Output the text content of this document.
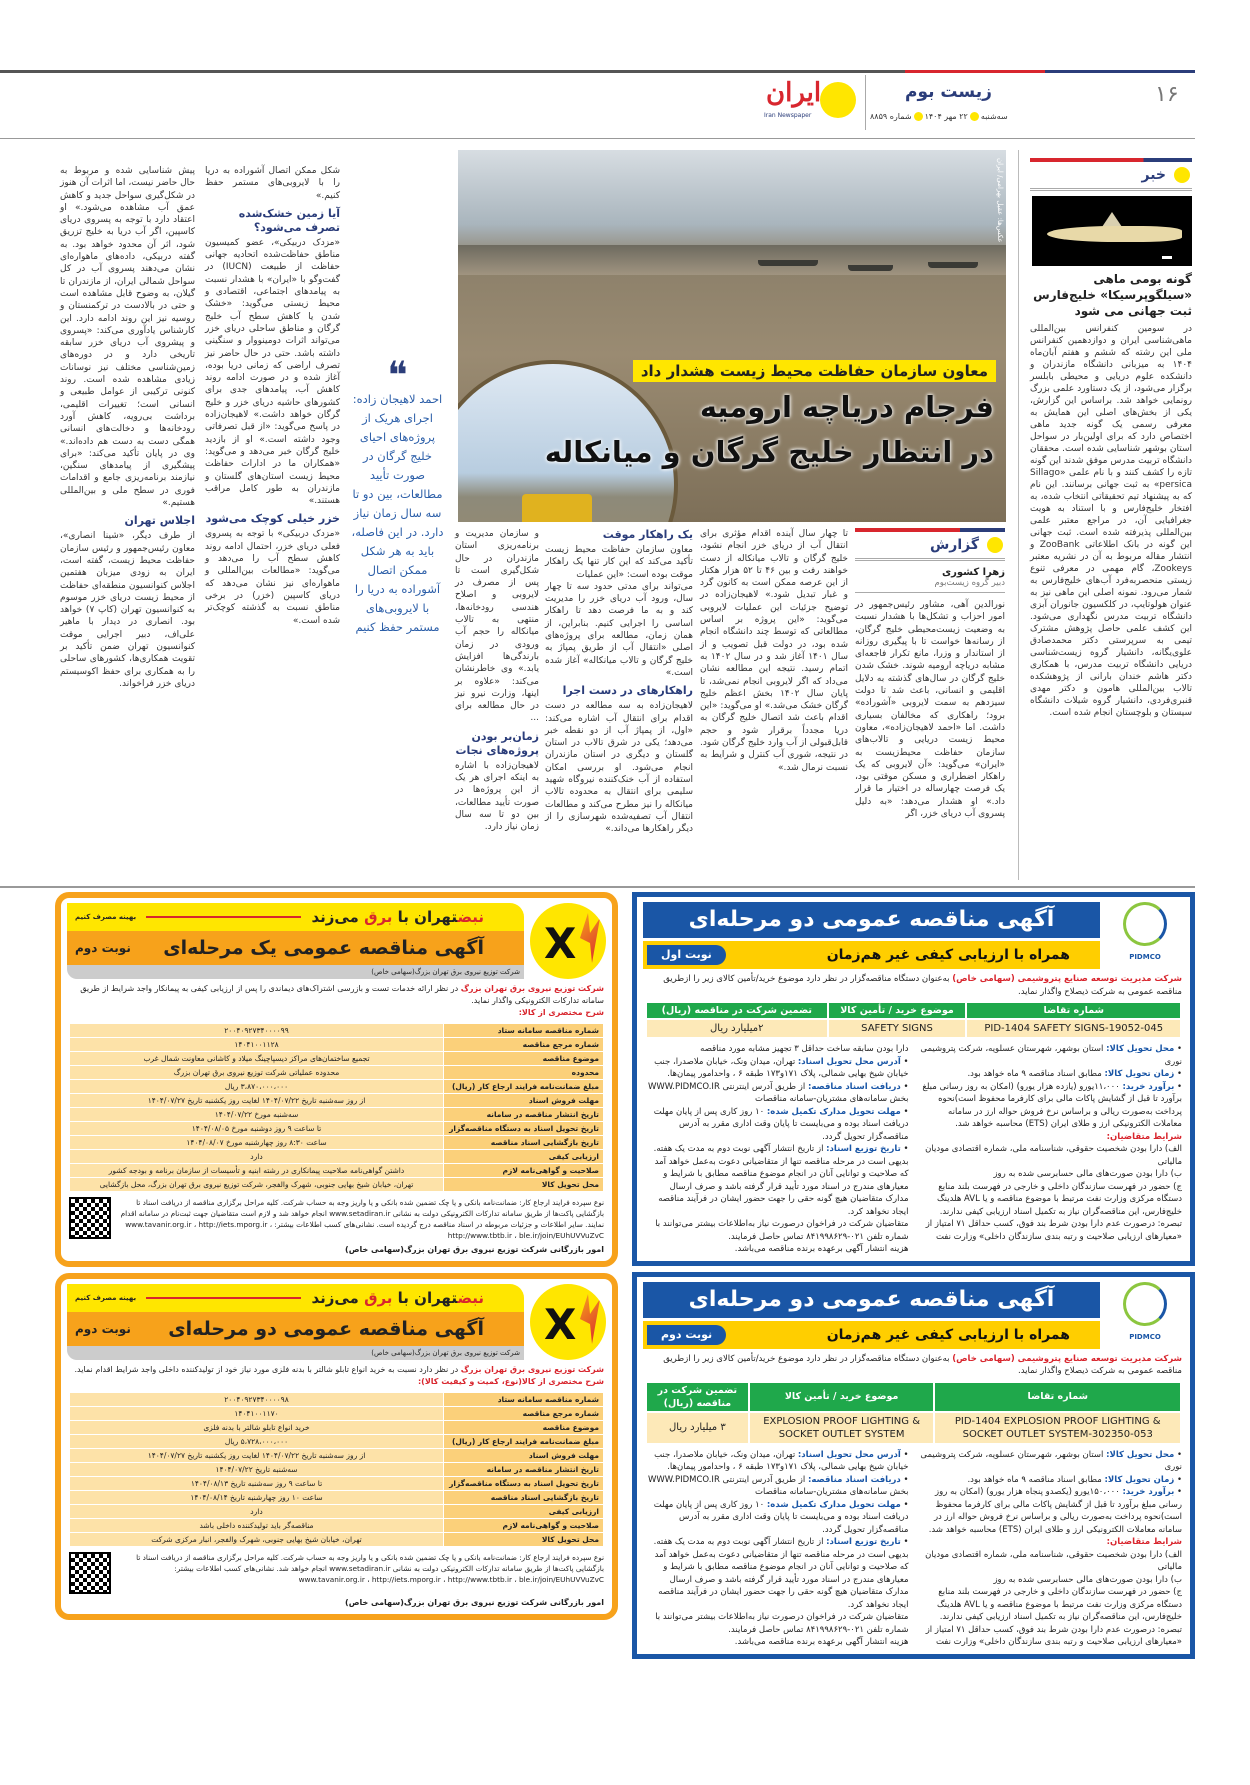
۱۶
زیست بوم
سه‌شنبه۲۲ مهر ۱۴۰۴شماره ۸۸۵۹
ایران
Iran Newspaper
خبر
گونه بومی ماهی «سیلگوپرسیکا» خلیج‌فارس ثبت جهانی می شود
در سومین کنفرانس بین‌المللی ماهی‌شناسی ایران و دوازدهمین کنفرانس ملی این رشته که ششم و هفتم آبان‌ماه ۱۴۰۴ به میزبانی دانشگاه مازندران و دانشکده علوم دریایی و محیطی بابلسر برگزار می‌شود، از یک دستاورد علمی بزرگ رونمایی خواهد شد. براساس این گزارش، یکی از بخش‌های اصلی این همایش به معرفی رسمی یک گونه جدید ماهی اختصاص دارد که برای اولین‌بار در سواحل استان بوشهر شناسایی شده است. محققان دانشگاه تربیت مدرس موفق شدند این گونه تازه را کشف کنند و با نام علمی «Sillago persica» به ثبت جهانی برسانند. این نام که به پیشنهاد تیم تحقیقاتی انتخاب شده، به افتخار خلیج‌فارس و با استناد به هویت جغرافیایی آن، در مراجع معتبر علمی بین‌المللی پذیرفته شده است. ثبت جهانی این گونه در بانک اطلاعاتی ZooBank و انتشار مقاله مربوط به آن در نشریه معتبر Zookeys، گام مهمی در معرفی تنوع زیستی منحصربه‌فرد آب‌های خلیج‌فارس به شمار می‌رود. نمونه اصلی این ماهی نیز به عنوان هولوتایپ، در کلکسیون جانوران آبزی دانشگاه تربیت مدرس نگهداری می‌شود. این کشف علمی حاصل پژوهش مشترک تیمی به سرپرستی دکتر محمدصادق علوی‌یگانه، دانشیار گروه زیست‌شناسی دریایی دانشگاه تربیت مدرس، با همکاری دکتر هاشم خندان بارانی از پژوهشکده تالاب بین‌المللی هامون و دکتر مهدی قنبری‌فردی، دانشیار گروه شیلات دانشگاه سیستان و بلوچستان انجام شده است.
معاون سازمان حفاظت محیط زیست هشدار داد
فرجام دریاچه ارومیه
در انتظار خلیج گرگان و میانکاله
عکس‌ها: عقیل بهرامی/ ایران
گزارش
زهرا کشوری
دبیر گروه زیست‌بوم
نورالدین آهی، مشاور رئیس‌جمهور در امور احزاب و تشکل‌ها با هشدار نسبت به وضعیت زیست‌محیطی خلیج گرگان، از رسانه‌ها خواست تا با پیگیری روزانه از استاندار و وزرا، مانع تکرار فاجعه‌ای مشابه دریاچه ارومیه شوند. خشک شدن خلیج گرگان در سال‌های گذشته به دلایل اقلیمی و انسانی، باعث شد تا دولت سیزدهم به سمت لایروبی «آشوراده» برود؛ راهکاری که مخالفان بسیاری داشت. اما «احمد لاهیجان‌زاده»، معاون محیط زیست دریایی و تالاب‌های سازمان حفاظت محیط‌زیست به «ایران» می‌گوید: «آن لایروبی که یک راهکار اضطراری و مسکن موقتی بود، یک فرصت چهارساله در اختیار ما قرار داد.» او هشدار می‌دهد: «به دلیل پسروی آب دریای خزر، اگر
تا چهار سال آینده اقدام مؤثری برای انتقال آب از دریای خزر انجام نشود، خلیج گرگان و تالاب میانکاله از دست خواهند رفت و بین ۴۶ تا ۵۲ هزار هکتار از این عرصه ممکن است به کانون گرد و غبار تبدیل شود.» لاهیجان‌زاده در توضیح جزئیات این عملیات لایروبی می‌گوید: «این پروژه بر اساس مطالعاتی که توسط چند دانشگاه انجام شده بود، در دولت قبل تصویب و از سال ۱۴۰۱ آغاز شد و در سال ۱۴۰۲ به اتمام رسید. نتیجه این مطالعه نشان می‌داد که اگر لایروبی انجام نمی‌شد، تا پایان سال ۱۴۰۲ بخش اعظم خلیج گرگان خشک می‌شد.» او می‌گوید: «این اقدام باعث شد اتصال خلیج گرگان به دریا مجدداً برقرار شود و حجم قابل‌قبولی از آب وارد خلیج گرگان شود. در نتیجه، شوری آب کنترل و شرایط به نسبت نرمال شد.»
یک راهکار موقت
معاون سازمان حفاظت محیط زیست تأکید می‌کند که این کار تنها یک راهکار موقت بوده است: «این عملیات
می‌تواند برای مدتی حدود سه تا چهار سال، ورود آب دریای خزر را مدیریت کند و به ما فرصت دهد تا راهکار اساسی را اجرایی کنیم. بنابراین، از همان زمان، مطالعه برای پروژه‌های اصلی «انتقال آب از طریق پمپاژ به خلیج گرگان و تالاب میانکاله» آغاز شده است.»
راهکارهای در دست اجرا
لاهیجان‌زاده به سه مطالعه در دست اقدام برای انتقال آب اشاره می‌کند: «اول، از پمپاژ آب از دو نقطه خبر می‌دهد؛ یکی در شرق تالاب در استان گلستان و دیگری در استان مازندران انجام می‌شود. او بررسی امکان استفاده از آب خنک‌کننده نیروگاه شهید سلیمی برای انتقال به محدوده تالاب میانکاله را نیز مطرح می‌کند و مطالعات انتقال آب تصفیه‌شده شهرسازی را از دیگر راهکارها می‌داند.»
و سازمان مدیریت و برنامه‌ریزی استان مازندران در حال شکل‌گیری است تا پس از مصرف در لایروبی و اصلاح هندسی رودخانه‌ها، منتهی به تالاب میانکاله را حجم آب ورودی در زمان بارندگی‌ها افزایش یابد.» وی خاطرنشان می‌کند: «علاوه بر اینها، وزارت نیرو نیز در حال مطالعه برای ...
زمان‌بر بودن پروژه‌های نجات
لاهیجان‌زاده با اشاره به اینکه اجرای هر یک از این پروژه‌ها در صورت تأیید مطالعات، بین دو تا سه سال زمان نیاز دارد.
❝
احمد لاهیجان زاده: اجرای هریک از پروژه‌های احیای خلیج گرگان در صورت تأیید مطالعات، بین دو تا سه سال زمان نیاز دارد. در این فاصله، باید به هر شکل ممکن اتصال آشوراده به دریا را با لایروبی‌های مستمر حفظ کنیم
شکل ممکن اتصال آشوراده به دریا را با لایروبی‌های مستمر حفظ کنیم.»
آیا زمین خشک‌شده تصرف می‌شود؟
«مزدک دربیکی»، عضو کمیسیون مناطق حفاظت‌شده اتحادیه جهانی حفاظت از طبیعت (IUCN) در گفت‌وگو با «ایران» با هشدار نسبت به پیامدهای اجتماعی، اقتصادی و محیط زیستی می‌گوید: «خشک شدن یا کاهش سطح آب خلیج گرگان و مناطق ساحلی دریای خزر می‌تواند اثرات دومینووار و سنگینی داشته باشد. حتی در حال حاضر نیز تصرف اراضی که زمانی دریا بوده، آغاز شده و در صورت ادامه روند کاهش آب، پیامدهای جدی برای کشورهای حاشیه دریای خزر و خلیج گرگان خواهد داشت.» لاهیجان‌زاده در پاسخ می‌گوید: «از قبل تصرفاتی وجود داشته است.» او از بازدید خلیج گرگان خبر می‌دهد و می‌گوید: «همکاران ما در ادارات حفاظت محیط زیست استان‌های گلستان و مازندران به طور کامل مراقب هستند.»
خزر خیلی کوچک می‌شود
«مزدک دربیکی» با توجه به پسروی فعلی دریای خزر، احتمال ادامه روند کاهش سطح آب را می‌دهد و می‌گوید: «مطالعات بین‌المللی و ماهواره‌ای نیز نشان می‌دهد که دریای کاسپین (خزر) در برخی مناطق نسبت به گذشته کوچک‌تر شده است.»
پیش شناسایی شده و مربوط به حال حاضر نیست، اما اثرات آن هنوز در شکل‌گیری سواحل جدید و کاهش عمق آب مشاهده می‌شود.» او اعتقاد دارد با توجه به پسروی دریای کاسپین، اگر آب دریا به خلیج تزریق شود، اثر آن محدود خواهد بود. به گفته دربیکی، داده‌های ماهواره‌ای نشان می‌دهند پسروی آب در کل سواحل شمالی ایران، از مازندران تا گیلان، به وضوح قابل مشاهده است و حتی در بالادست در ترکمنستان و روسیه نیز این روند ادامه دارد. این کارشناس یادآوری می‌کند: «پسروی و پیشروی آب دریای خزر سابقه تاریخی دارد و در دوره‌های زمین‌شناسی مختلف نیز نوسانات زیادی مشاهده شده است. روند کنونی ترکیبی از عوامل طبیعی و انسانی است؛ تغییرات اقلیمی، برداشت بی‌رویه، کاهش آورد رودخانه‌ها و دخالت‌های انسانی همگی دست به دست هم داده‌اند.» وی در پایان تأکید می‌کند: «برای پیشگیری از پیامدهای سنگین، نیازمند برنامه‌ریزی جامع و اقدامات فوری در سطح ملی و بین‌المللی هستیم.»
اجلاس تهران
از طرف دیگر، «شینا انصاری»، معاون رئیس‌جمهور و رئیس سازمان حفاظت محیط زیست، گفته است، ایران به زودی میزبان هفتمین اجلاس کنوانسیون منطقه‌ای حفاظت از محیط زیست دریای خزر موسوم به کنوانسیون تهران (کاپ ۷) خواهد بود. انصاری در دیدار با ماهیر علی‌اف، دبیر اجرایی موقت کنوانسیون تهران ضمن تأکید بر تقویت همکاری‌ها، کشورهای ساحلی را به همکاری برای حفظ اکوسیستم دریای خزر فراخواند.
PIDMCO
آگهی مناقصه عمومی دو مرحله‌ای
همراه با ارزیابی کیفی غیر هم‌زمان
نوبت اول
شرکت مدیریت توسعه صنایع پتروشیمی (سهامی خاص) به‌عنوان دستگاه مناقصه‌گزار در نظر دارد موضوع خرید/تأمین کالای زیر را ازطریق مناقصه عمومی به شرکت ذیصلاح واگذار نماید.
شماره تقاضا	موضوع خرید / تأمین کالا	تضمین شرکت در مناقصه (ریال)
PID-1404 SAFETY SIGNS-19052-045	SAFETY SIGNS	۲میلیارد ریال
• محل تحویل کالا: استان بوشهر، شهرستان عسلویه، شرکت پتروشیمی نوری
• زمان تحویل کالا: مطابق اسناد مناقصه ۹ ماه خواهد بود.
• برآورد خرید: ۱۱،۰۰۰یورو (یازده هزار یورو) (امکان به روز رسانی مبلغ برآورد تا قبل از گشایش پاکات مالی برای کارفرما محفوظ است)نحوه پرداخت به‌صورت ریالی و براساس نرخ فروش حواله ارز در سامانه معاملات الکترونیکی ارز و طلای ایران (ETS) محاسبه خواهد شد.
شرایط متقاضیان:
الف) دارا بودن شخصیت حقوقی، شناسنامه ملی، شماره اقتصادی مودیان مالیاتی
ب) دارا بودن صورت‌های مالی حسابرسی شده به روز
ج) حضور در فهرست سازندگان داخلی و خارجی در فهرست بلند منابع دستگاه مرکزی وزارت نفت مرتبط با موضوع مناقصه و یا AVL هلدینگ خلیج‌فارس، این مناقصه‌گران نیاز به تکمیل اسناد ارزیابی کیفی ندارند.
تبصره: درصورت عدم دارا بودن شرط بند فوق، کسب حداقل ۷۱ امتیاز از «معیارهای ارزیابی صلاحیت و رتبه بندی سازندگان داخلی» وزارت نفت
دارا بودن سابقه ساخت حداقل ۳ تجهیز مشابه مورد مناقصه
• آدرس محل تحویل اسناد: تهران، میدان ونک، خیابان ملاصدرا، جنب خیابان شیخ بهایی شمالی، پلاک ۱۷۱و۱۷۳ طبقه ۶ ، واحدامور پیمان‌ها.
• دریافت اسناد مناقصه: از طریق آدرس اینترنتی WWW.PIDMCO.IR بخش سامانه‌های مشتریان-سامانه مناقصات
• مهلت تحویل مدارک تکمیل شده: ۱۰ روز کاری پس از پایان مهلت دریافت اسناد بوده و می‌بایست تا پایان وقت اداری مقرر به آدرس مناقصه‌گزار تحویل گردد.
• تاریخ توزیع اسناد: از تاریخ انتشار آگهی نوبت دوم به مدت یک هفته.
بدیهی است در مرحله مناقصه تنها از متقاضیانی دعوت به‌عمل خواهد آمد که صلاحیت و توانایی آنان در انجام موضوع مناقصه مطابق با شرایط و معیارهای مندرج در اسناد مورد تأیید قرار گرفته باشد و صرف ارسال مدارک متقاضیان هیچ گونه حقی را جهت حضور ایشان در فرآیند مناقصه ایجاد نخواهد کرد.
متقاضیان شرکت در فراخوان درصورت نیاز به‌اطلاعات بیشتر می‌توانند با شماره تلفن ۰۲۱-۸۴۱۹۹۸۶۲۹ تماس حاصل فرمایند.
هزینه انتشار آگهی برعهده برنده مناقصه می‌باشد.
PIDMCO
آگهی مناقصه عمومی دو مرحله‌ای
همراه با ارزیابی کیفی غیر هم‌زمان
نوبت دوم
شرکت مدیریت توسعه صنایع پتروشیمی (سهامی خاص) به‌عنوان دستگاه مناقصه‌گزار در نظر دارد موضوع خرید/تأمین کالای زیر را ازطریق مناقصه عمومی به شرکت ذیصلاح واگذار نماید.
شماره تقاضا	موضوع خرید / تأمین کالا	تضمین شرکت در مناقصه (ریال)
PID-1404 EXPLOSION PROOF LIGHTING & SOCKET OUTLET SYSTEM-302350-053	EXPLOSION PROOF LIGHTING & SOCKET OUTLET SYSTEM	۳ میلیارد ریال
• محل تحویل کالا: استان بوشهر، شهرستان عسلویه، شرکت پتروشیمی نوری
• زمان تحویل کالا: مطابق اسناد مناقصه ۹ ماه خواهد بود.
• برآورد خرید: ۱۵۰،۰۰۰یورو (یکصدو پنجاه هزار یورو) (امکان به روز رسانی مبلغ برآورد تا قبل از گشایش پاکات مالی برای کارفرما محفوظ است)نحوه پرداخت به‌صورت ریالی و براساس نرخ فروش حواله ارز در سامانه معاملات الکترونیکی ارز و طلای ایران (ETS) محاسبه خواهد شد.
شرایط متقاضیان:
الف) دارا بودن شخصیت حقوقی، شناسنامه ملی، شماره اقتصادی مودیان مالیاتی
ب) دارا بودن صورت‌های مالی حسابرسی شده به روز
ج) حضور در فهرست سازندگان داخلی و خارجی در فهرست بلند منابع دستگاه مرکزی وزارت نفت مرتبط با موضوع مناقصه و یا AVL هلدینگ خلیج‌فارس، این مناقصه‌گران نیاز به تکمیل اسناد ارزیابی کیفی ندارند.
تبصره: درصورت عدم دارا بودن شرط بند فوق، کسب حداقل ۷۱ امتیاز از «معیارهای ارزیابی صلاحیت و رتبه بندی سازندگان داخلی» وزارت نفت
• آدرس محل تحویل اسناد: تهران، میدان ونک، خیابان ملاصدرا، جنب خیابان شیخ بهایی شمالی، پلاک ۱۷۱و۱۷۳ طبقه ۶ ، واحدامور پیمان‌ها.
• دریافت اسناد مناقصه: از طریق آدرس اینترنتی WWW.PIDMCO.IR بخش سامانه‌های مشتریان-سامانه مناقصات
• مهلت تحویل مدارک تکمیل شده: ۱۰ روز کاری پس از پایان مهلت دریافت اسناد بوده و می‌بایست تا پایان وقت اداری مقرر به آدرس مناقصه‌گزار تحویل گردد.
• تاریخ توزیع اسناد: از تاریخ انتشار آگهی نوبت دوم به مدت یک هفته.
بدیهی است در مرحله مناقصه تنها از متقاضیانی دعوت به‌عمل خواهد آمد که صلاحیت و توانایی آنان در انجام موضوع مناقصه مطابق با شرایط و معیارهای مندرج در اسناد مورد تأیید قرار گرفته باشد و صرف ارسال مدارک متقاضیان هیچ گونه حقی را جهت حضور ایشان در فرآیند مناقصه ایجاد نخواهد کرد.
متقاضیان شرکت در فراخوان درصورت نیاز به‌اطلاعات بیشتر می‌توانند با شماره تلفن ۰۲۱-۸۴۱۹۹۸۶۲۹ تماس حاصل فرمایند.
هزینه انتشار آگهی برعهده برنده مناقصه می‌باشد.
X
نبضتهران با برق می‌زند
بهینه مصرف کنیم
آگهی مناقصه عمومی یک مرحله‌ای
نوبت دوم
شرکت توزیع نیروی برق تهران بزرگ(سهامی خاص)
شرکت توزیع نیروی برق تهران بزرگ در نظر ارائه خدمات تست و بازرسی اشتراک‌های دیماندی را پس از ارزیابی کیفی به پیمانکار واجد شرایط از طریق سامانه تدارکات الکترونیکی واگذار نماید.
شرح مختصری از کالا:
شماره مناقصه سامانه ستاد	۲۰۰۴۰۹۲۷۳۴۰۰۰۰۹۹
شماره مرجع مناقصه	۱۴۰۴۱۰۰۱۱۲۸
موضوع مناقصه	تجمیع ساختمان‌های مراکز دیسپاچینگ میلاد و کاشانی معاونت شمال غرب
محدوده	محدوده عملیاتی شرکت توزیع نیروی برق تهران بزرگ
مبلغ ضمانت‌نامه فرایند ارجاع کار (ریال)	۳،۸۷۰،۰۰۰،۰۰۰ ریال
مهلت فروش اسناد	از روز سه‌شنبه تاریخ ۱۴۰۴/۰۷/۲۲ لغایت روز یکشنبه تاریخ ۱۴۰۴/۰۷/۲۷
تاریخ انتشار مناقصه در سامانه	سه‌شنبه مورخ ۱۴۰۴/۰۷/۲۲
تاریخ تحویل اسناد به دستگاه مناقصه‌گزار	تا ساعت ۹ روز دوشنبه مورخ ۱۴۰۴/۰۸/۰۵
تاریخ بازگشایی اسناد مناقصه	ساعت ۸:۳۰ روز چهارشنبه مورخ ۱۴۰۴/۰۸/۰۷
ارزیابی کیفی	دارد
صلاحیت و گواهی‌نامه لازم	داشتن گواهی‌نامه صلاحیت پیمانکاری در رشته ابنیه و تأسیسات از سازمان برنامه و بودجه کشور
محل تحویل کالا	تهران، خیابان شیخ بهایی جنوبی، شهرک والفجر، شرکت توزیع نیروی برق تهران بزرگ، محل بازگشایی
نوع سپرده فرایند ارجاع کار: ضمانت‌نامه بانکی و یا چک تضمین شده بانکی و یا واریز وجه به حساب شرکت. کلیه مراحل برگزاری مناقصه از دریافت اسناد تا بازگشایی پاکت‌ها از طریق سامانه تدارکات الکترونیکی دولت به نشانی www.setadiran.ir انجام خواهد شد و لازم است متقاضیان جهت ثبت‌نام در سامانه اقدام نمایند. سایر اطلاعات و جزئیات مربوطه در اسناد مناقصه درج گردیده است. نشانی‌های کسب اطلاعات بیشتر: www.tavanir.org.ir ، http://iets.mporg.ir ، http://www.tbtb.ir ، ble.ir/join/EUhUVVuZvC
امور بازرگانی شرکت توزیع نیروی برق تهران بزرگ(سهامی خاص)
X
نبضتهران با برق می‌زند
بهینه مصرف کنیم
آگهی مناقصه عمومی دو مرحله‌ای
نوبت دوم
شرکت توزیع نیروی برق تهران بزرگ(سهامی خاص)
شرکت توزیع نیروی برق تهران بزرگ در نظر دارد نسبت به خرید انواع تابلو شالتر با بدنه فلزی مورد نیاز خود از تولیدکننده داخلی واجد شرایط اقدام نماید.
شرح مختصری از کالا(نوع، کمیت و کیفیت کالا):
شماره مناقصه سامانه ستاد	۲۰۰۴۰۹۲۷۳۴۰۰۰۰۹۸
شماره مرجع مناقصه	۱۴۰۴۱۰۰۱۱۷۰
موضوع مناقصه	خرید انواع تابلو شالتر با بدنه فلزی
مبلغ ضمانت‌نامه فرایند ارجاع کار (ریال)	۵،۷۲۸،۰۰۰،۰۰۰ ریال
مهلت فروش اسناد	از روز سه‌شنبه تاریخ ۱۴۰۴/۰۷/۲۲ لغایت روز یکشنبه تاریخ ۱۴۰۴/۰۷/۲۷
تاریخ انتشار مناقصه در سامانه	سه‌شنبه تاریخ ۱۴۰۴/۰۷/۲۲
تاریخ تحویل اسناد به دستگاه مناقصه‌گزار	تا ساعت ۹ روز سه‌شنبه تاریخ ۱۴۰۴/۰۸/۱۳
تاریخ بازگشایی اسناد مناقصه	ساعت ۱۰ روز چهارشنبه تاریخ ۱۴۰۴/۰۸/۱۴
ارزیابی کیفی	دارد
صلاحیت و گواهی‌نامه لازم	مناقصه‌گر باید تولیدکننده داخلی باشد
محل تحویل کالا	تهران، خیابان شیخ بهایی جنوبی، شهرک والفجر، انبار مرکزی شرکت
نوع سپرده فرایند ارجاع کار: ضمانت‌نامه بانکی و یا چک تضمین شده بانکی و یا واریز وجه به حساب شرکت. کلیه مراحل برگزاری مناقصه از دریافت اسناد تا بازگشایی پاکت‌ها از طریق سامانه تدارکات الکترونیکی دولت به نشانی www.setadiran.ir انجام خواهد شد. نشانی‌های کسب اطلاعات بیشتر: www.tavanir.org.ir ، http://iets.mporg.ir ، http://www.tbtb.ir ، ble.ir/join/EUhUVVuZvC
امور بازرگانی شرکت توزیع نیروی برق تهران بزرگ(سهامی خاص)
